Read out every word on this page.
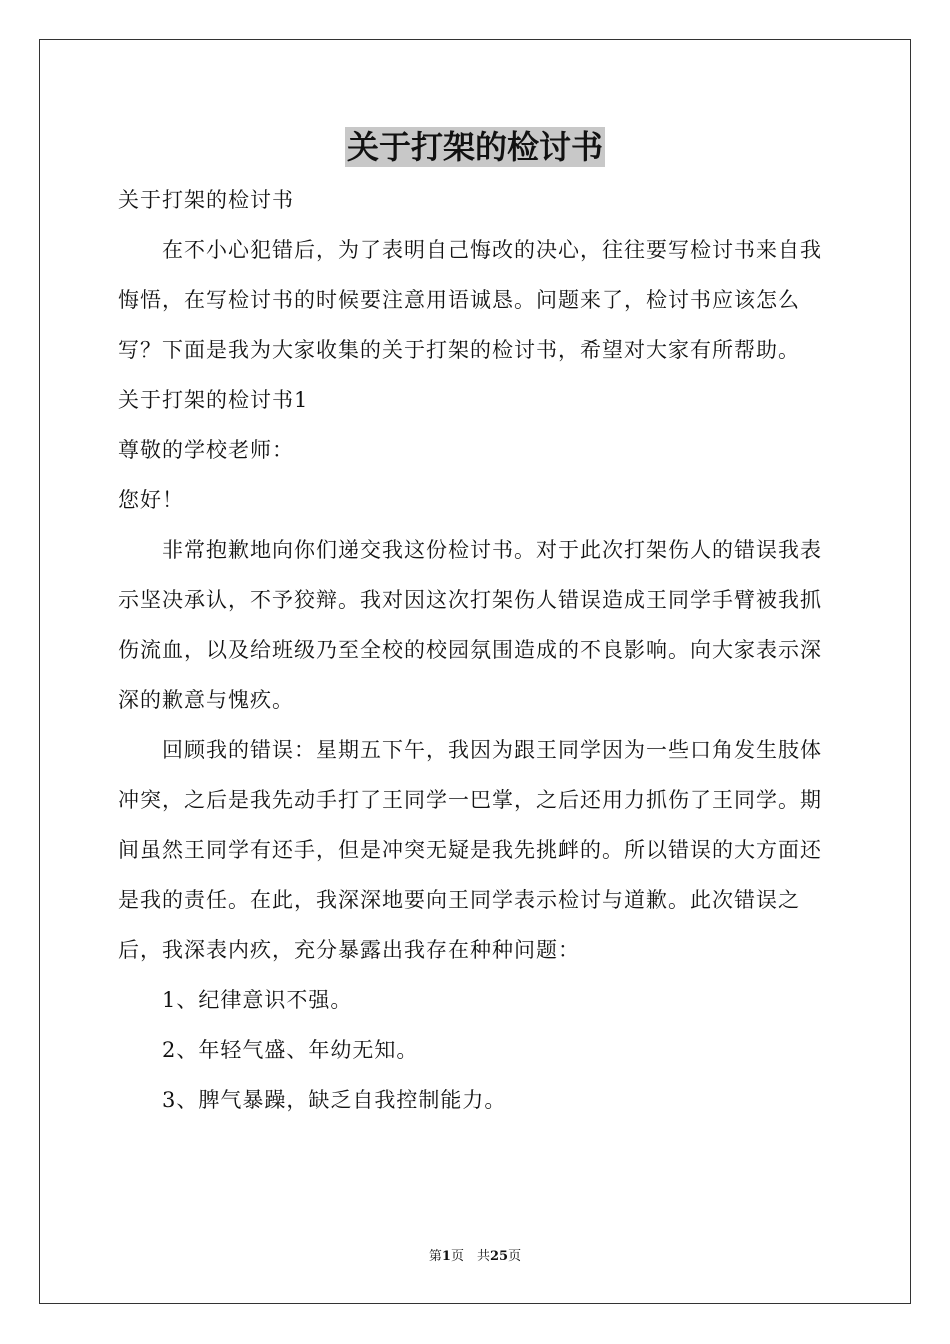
关于打架的检讨书

关于打架的检讨书

在不小心犯错后，为了表明自己悔改的决心，往往要写检讨书来自我悔悟，在写检讨书的时候要注意用语诚恳。问题来了，检讨书应该怎么写？下面是我为大家收集的关于打架的检讨书，希望对大家有所帮助。

关于打架的检讨书1

尊敬的学校老师：

您好！

非常抱歉地向你们递交我这份检讨书。对于此次打架伤人的错误我表示坚决承认，不予狡辩。我对因这次打架伤人错误造成王同学手臂被我抓伤流血，以及给班级乃至全校的校园氛围造成的不良影响。向大家表示深深的歉意与愧疚。

回顾我的错误：星期五下午，我因为跟王同学因为一些口角发生肢体冲突，之后是我先动手打了王同学一巴掌，之后还用力抓伤了王同学。期间虽然王同学有还手，但是冲突无疑是我先挑衅的。所以错误的大方面还是我的责任。在此，我深深地要向王同学表示检讨与道歉。此次错误之后，我深表内疚，充分暴露出我存在种种问题：

1、纪律意识不强。

2、年轻气盛、年幼无知。

3、脾气暴躁，缺乏自我控制能力。

第1页　共25页
